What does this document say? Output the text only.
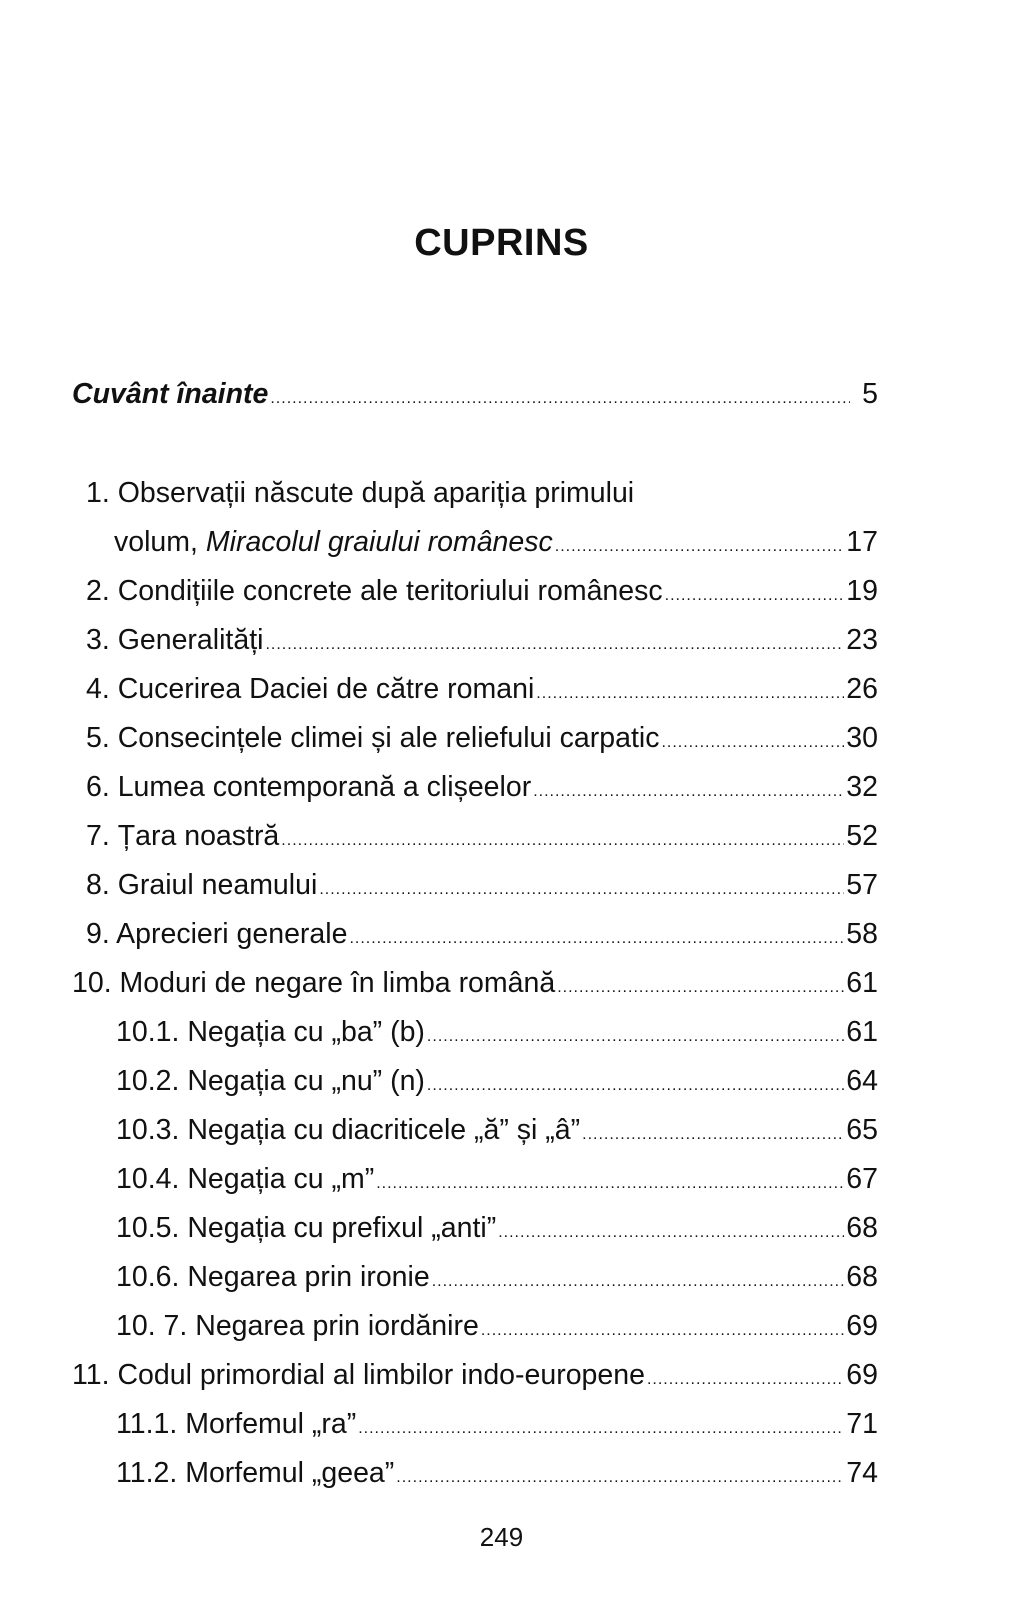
CUPRINS
Cuvânt înainte .....	5
1. Observații născute după apariția primului
volum, Miracolul graiului românesc .....	17
2. Condițiile concrete ale teritoriului românesc .....	19
3. Generalități .....	23
4. Cucerirea Daciei de către romani .....	26
5. Consecințele climei și ale reliefului carpatic .....	30
6. Lumea contemporană a clișeelor .....	32
7. Țara noastră .....	52
8. Graiul neamului .....	57
9. Aprecieri generale .....	58
10. Moduri de negare în limba română .....	61
10.1. Negația cu „ba” (b) .....	61
10.2. Negația cu „nu” (n) .....	64
10.3. Negația cu diacriticele „ă” și „â” .....	65
10.4. Negația cu „m” .....	67
10.5. Negația cu prefixul „anti” .....	68
10.6. Negarea prin ironie .....	68
10. 7. Negarea prin iordănire .....	69
11. Codul primordial al limbilor indo-europene .....	69
11.1. Morfemul „ra” .....	71
11.2. Morfemul „geea” .....	74
249
